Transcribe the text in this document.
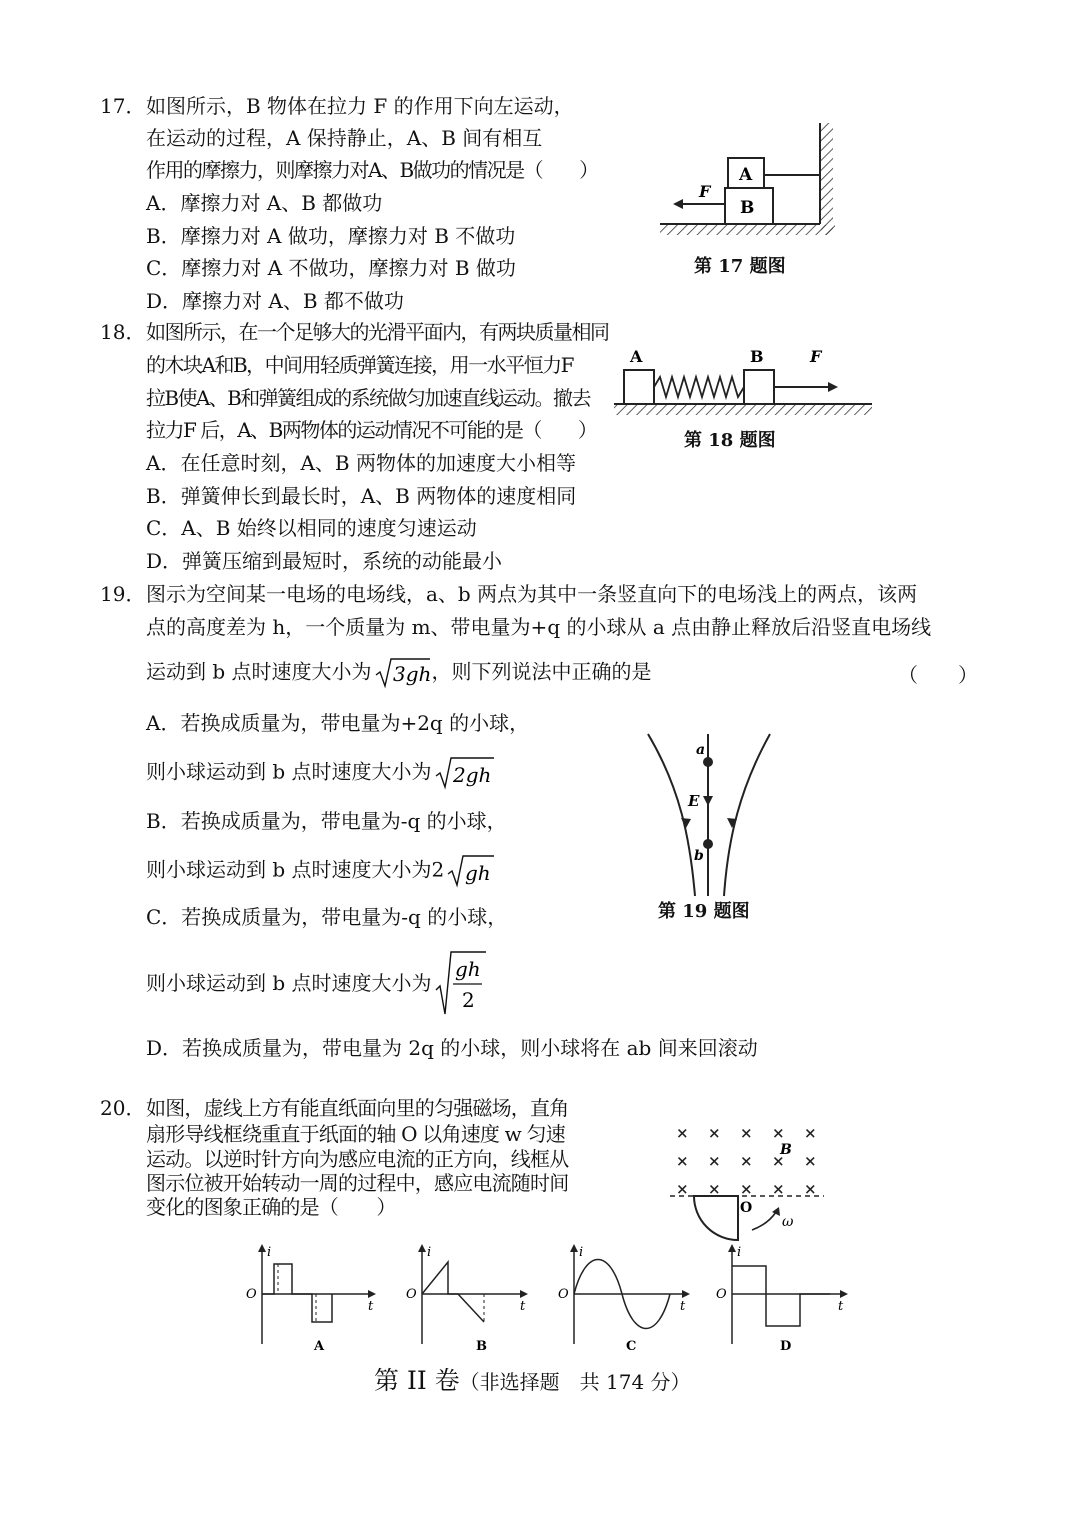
17． 如图所示，B 物体在拉力 F 的作用下向左运动，
在运动的过程，A 保持静止，A、B 间有相互
作用的摩擦力，则摩擦力对A、B做功的情况是（　　）
A．摩擦力对 A、B 都做功
B．摩擦力对 A 做功，摩擦力对 B 不做功
C．摩擦力对 A 不做功，摩擦力对 B 做功
D．摩擦力对 A、B 都不做功
B
A
F
第 17 题图
18． 如图所示，在一个足够大的光滑平面内，有两块质量相同
的木块A和B，中间用轻质弹簧连接，用一水平恒力F
拉B使A、B和弹簧组成的系统做匀加速直线运动。撤去
拉力F 后，A、B两物体的运动情况不可能的是（　　）
A．在任意时刻，A、B 两物体的加速度大小相等
B．弹簧伸长到最长时，A、B 两物体的速度相同
C．A、B 始终以相同的速度匀速运动
D．弹簧压缩到最短时，系统的动能最小
A	B	F
第 18 题图
19． 图示为空间某一电场的电场线，a、b 两点为其中一条竖直向下的电场浅上的两点，该两
点的高度差为 h，一个质量为 m、带电量为+q 的小球从 a 点由静止释放后沿竖直电场线
运动到 b 点时速度大小为 3gh ，则下列说法中正确的是	（　　）
A．若换成质量为，带电量为+2q 的小球，
则小球运动到 b 点时速度大小为 2gh
B．若换成质量为，带电量为-q 的小球，
则小球运动到 b 点时速度大小为2 gh
C．若换成质量为，带电量为-q 的小球，
则小球运动到 b 点时速度大小为
gh
2
D．若换成质量为，带电量为 2q 的小球，则小球将在 ab 间来回滚动
a
E
b
第 19 题图
20． 如图，虚线上方有能直纸面向里的匀强磁场，直角
扇形导线框绕重直于纸面的轴 O 以角速度 w 匀速
运动。以逆时针方向为感应电流的正方向，线框从
图示位被开始转动一周的过程中，感应电流随时间
变化的图象正确的是（　　）
× × × × ×
× × × × ×
× × × × ×
B
O
ω
i
t
O
A
i
t
O
B
i
t
O
C
i
t
O
D
第 II 卷（非选择题　共 174 分）
